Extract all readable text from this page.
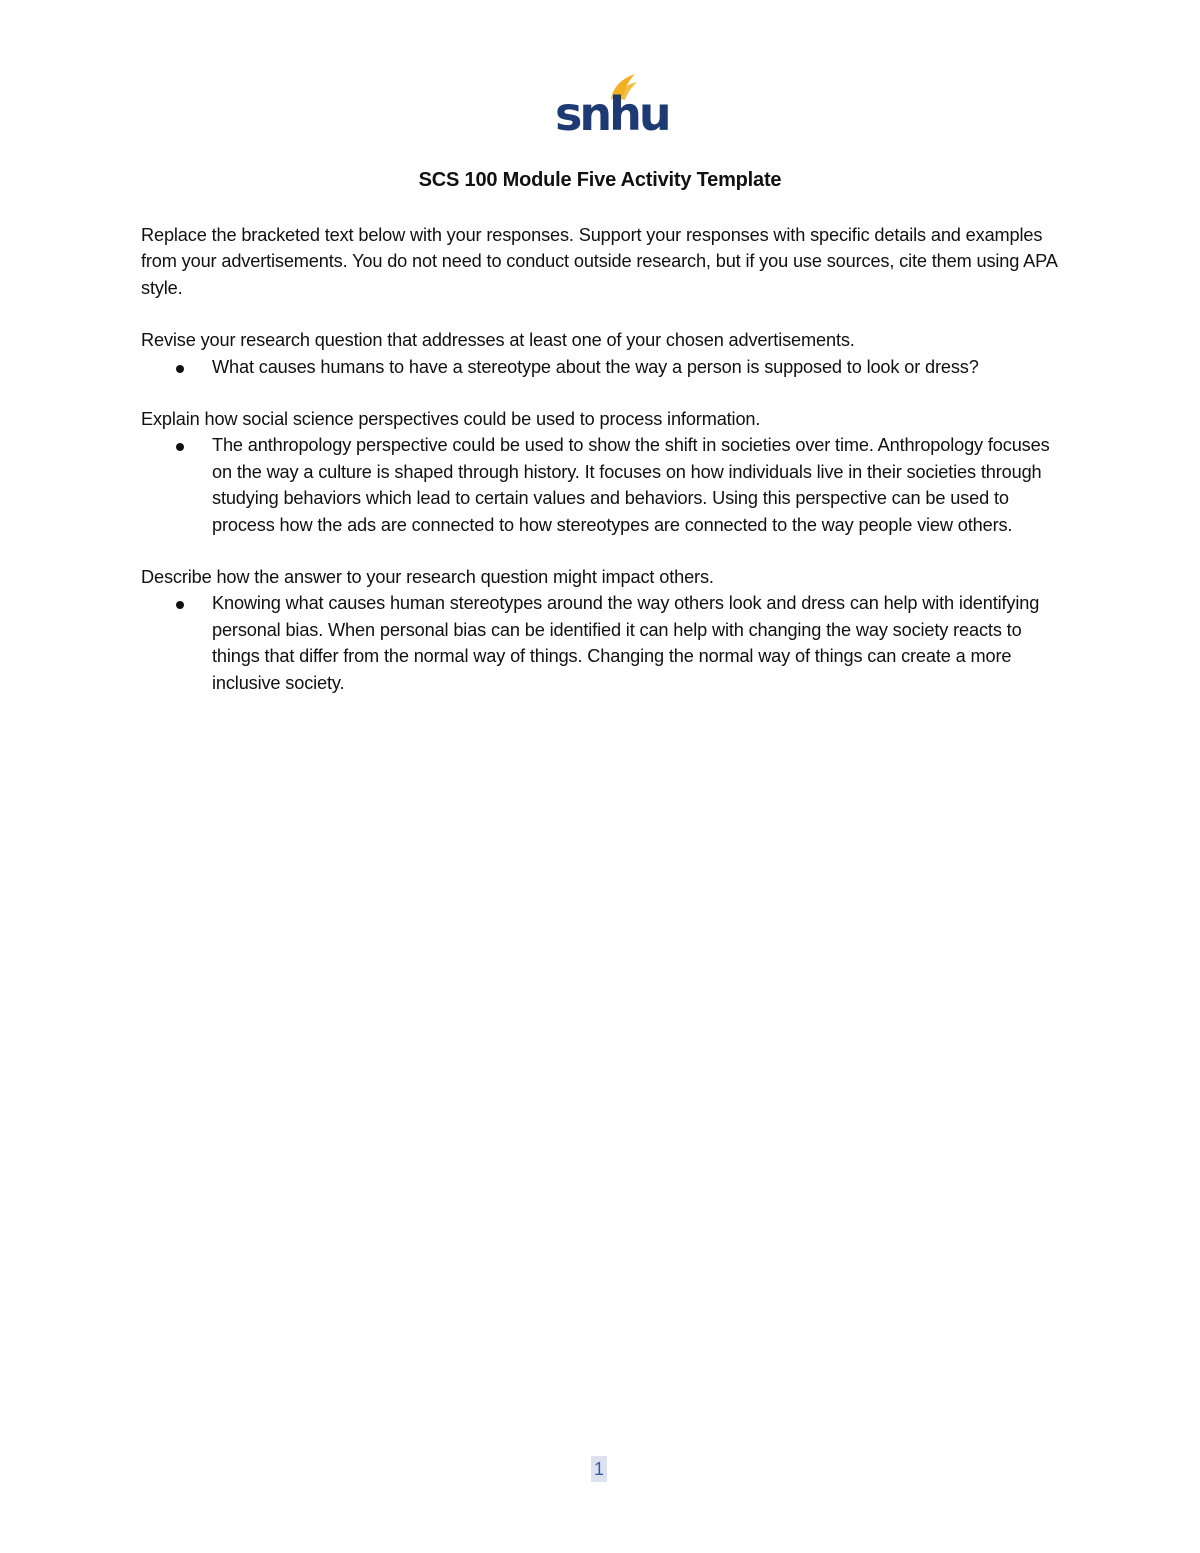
snhu
SCS 100 Module Five Activity Template

Replace the bracketed text below with your responses. Support your responses with specific details and examples from your advertisements. You do not need to conduct outside research, but if you use sources, cite them using APA style.

Revise your research question that addresses at least one of your chosen advertisements.

What causes humans to have a stereotype about the way a person is supposed to look or dress?

Explain how social science perspectives could be used to process information.

The anthropology perspective could be used to show the shift in societies over time. Anthropology focuses on the way a culture is shaped through history. It focuses on how individuals live in their societies through studying behaviors which lead to certain values and behaviors. Using this perspective can be used to process how the ads are connected to how stereotypes are connected to the way people view others.

Describe how the answer to your research question might impact others.

Knowing what causes human stereotypes around the way others look and dress can help with identifying personal bias. When personal bias can be identified it can help with changing the way society reacts to things that differ from the normal way of things. Changing the normal way of things can create a more inclusive society.
1
